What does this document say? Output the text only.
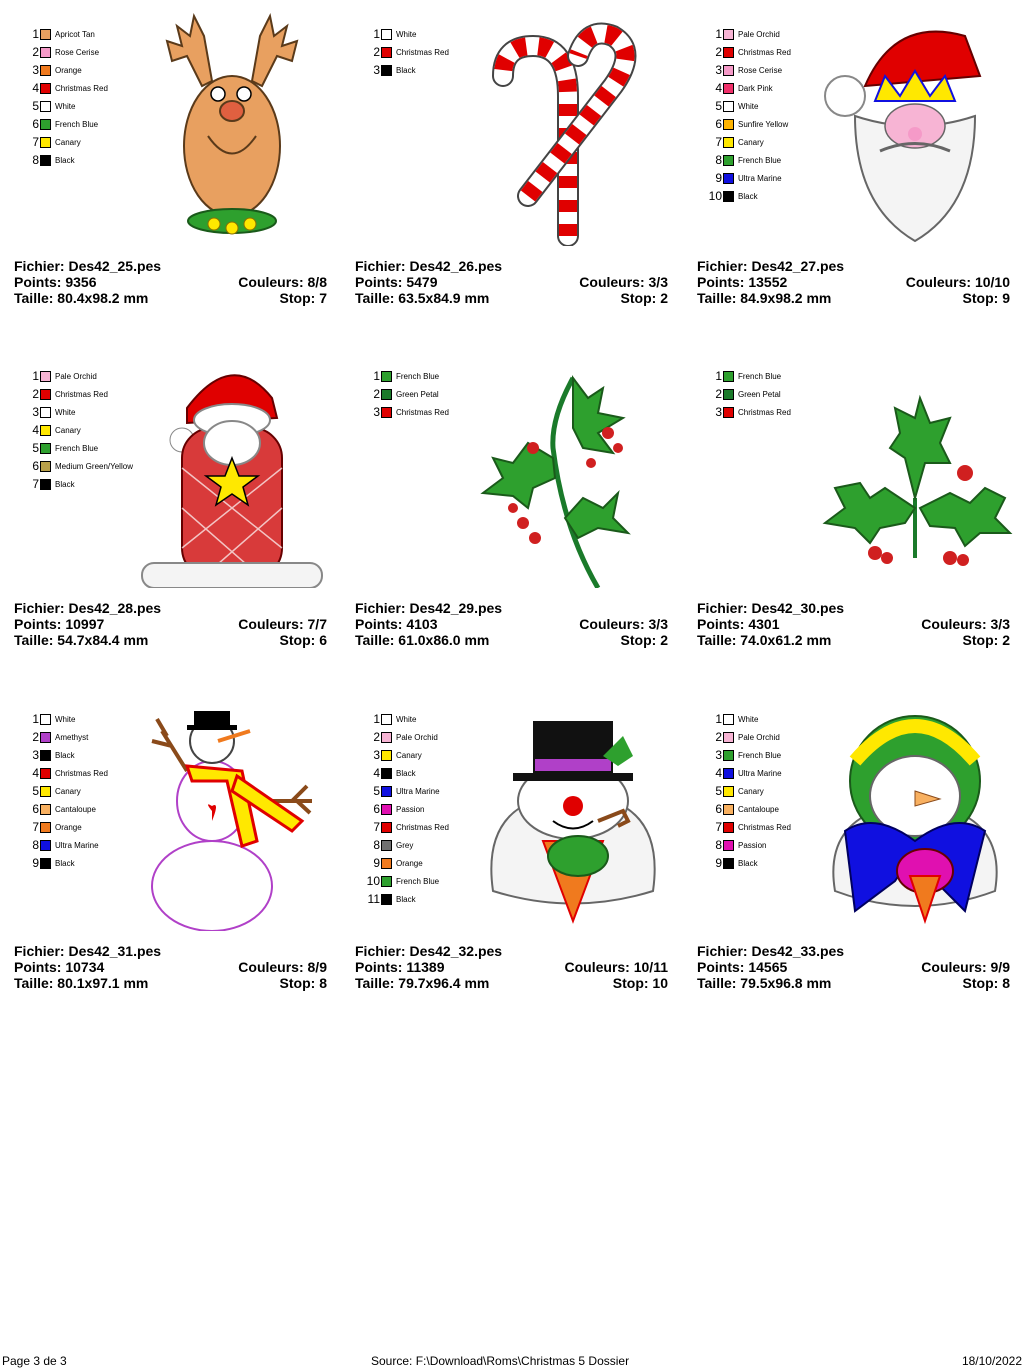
1 Apricot Tan
2 Rose Cerise
3 Orange
4 Christmas Red
5 White
6 French Blue
7 Canary
8 Black
Fichier: Des42_25.pes
Points: 9356	Couleurs: 8/8
Taille: 80.4x98.2 mm	Stop: 7
1 White
2 Christmas Red
3 Black
Fichier: Des42_26.pes
Points: 5479	Couleurs: 3/3
Taille: 63.5x84.9 mm	Stop: 2
1 Pale Orchid
2 Christmas Red
3 Rose Cerise
4 Dark Pink
5 White
6 Sunfire Yellow
7 Canary
8 French Blue
9 Ultra Marine
10 Black
Fichier: Des42_27.pes
Points: 13552	Couleurs: 10/10
Taille: 84.9x98.2 mm	Stop: 9
1 Pale Orchid
2 Christmas Red
3 White
4 Canary
5 French Blue
6 Medium Green/Yellow
7 Black
Fichier: Des42_28.pes
Points: 10997	Couleurs: 7/7
Taille: 54.7x84.4 mm	Stop: 6
1 French Blue
2 Green Petal
3 Christmas Red
Fichier: Des42_29.pes
Points: 4103	Couleurs: 3/3
Taille: 61.0x86.0 mm	Stop: 2
1 French Blue
2 Green Petal
3 Christmas Red
Fichier: Des42_30.pes
Points: 4301	Couleurs: 3/3
Taille: 74.0x61.2 mm	Stop: 2
1 White
2 Amethyst
3 Black
4 Christmas Red
5 Canary
6 Cantaloupe
7 Orange
8 Ultra Marine
9 Black
Fichier: Des42_31.pes
Points: 10734	Couleurs: 8/9
Taille: 80.1x97.1 mm	Stop: 8
1 White
2 Pale Orchid
3 Canary
4 Black
5 Ultra Marine
6 Passion
7 Christmas Red
8 Grey
9 Orange
10 French Blue
11 Black
Fichier: Des42_32.pes
Points: 11389	Couleurs: 10/11
Taille: 79.7x96.4 mm	Stop: 10
1 White
2 Pale Orchid
3 French Blue
4 Ultra Marine
5 Canary
6 Cantaloupe
7 Christmas Red
8 Passion
9 Black
Fichier: Des42_33.pes
Points: 14565	Couleurs: 9/9
Taille: 79.5x96.8 mm	Stop: 8
Page 3 de 3	Source: F:\Download\Roms\Christmas 5 Dossier	18/10/2022
